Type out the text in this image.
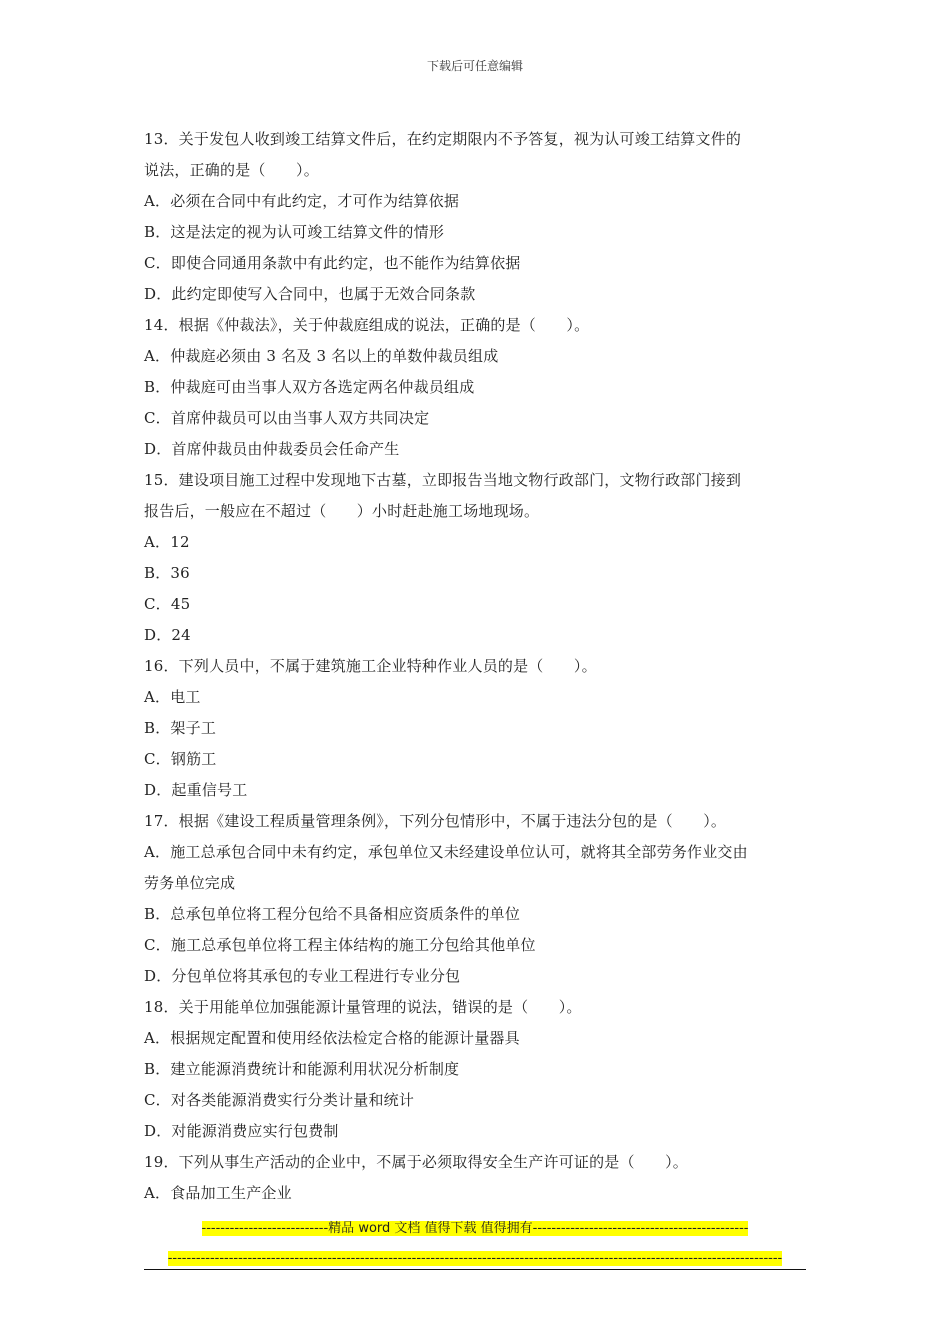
下载后可任意编辑
13．关于发包人收到竣工结算文件后，在约定期限内不予答复，视为认可竣工结算文件的
说法，正确的是（　　）。
A．必须在合同中有此约定，才可作为结算依据
B．这是法定的视为认可竣工结算文件的情形
C．即使合同通用条款中有此约定，也不能作为结算依据
D．此约定即使写入合同中，也属于无效合同条款
14．根据《仲裁法》，关于仲裁庭组成的说法，正确的是（　　）。
A．仲裁庭必须由 3 名及 3 名以上的单数仲裁员组成
B．仲裁庭可由当事人双方各选定两名仲裁员组成
C．首席仲裁员可以由当事人双方共同决定
D．首席仲裁员由仲裁委员会任命产生
15．建设项目施工过程中发现地下古墓，立即报告当地文物行政部门，文物行政部门接到
报告后，一般应在不超过（　　）小时赶赴施工场地现场。
A．12
B．36
C．45
D．24
16．下列人员中，不属于建筑施工企业特种作业人员的是（　　）。
A．电工
B．架子工
C．钢筋工
D．起重信号工
17．根据《建设工程质量管理条例》，下列分包情形中，不属于违法分包的是（　　）。
A．施工总承包合同中未有约定，承包单位又未经建设单位认可，就将其全部劳务作业交由
劳务单位完成
B．总承包单位将工程分包给不具备相应资质条件的单位
C．施工总承包单位将工程主体结构的施工分包给其他单位
D．分包单位将其承包的专业工程进行专业分包
18．关于用能单位加强能源计量管理的说法，错误的是（　　）。
A．根据规定配置和使用经依法检定合格的能源计量器具
B．建立能源消费统计和能源利用状况分析制度
C．对各类能源消费实行分类计量和统计
D．对能源消费应实行包费制
19．下列从事生产活动的企业中，不属于必须取得安全生产许可证的是（　　）。
A．食品加工生产企业
---------------------------精品 word 文档 值得下载 值得拥有----------------------------------------------
-----------------------------------------------------------------------------------------------------------------------------------
